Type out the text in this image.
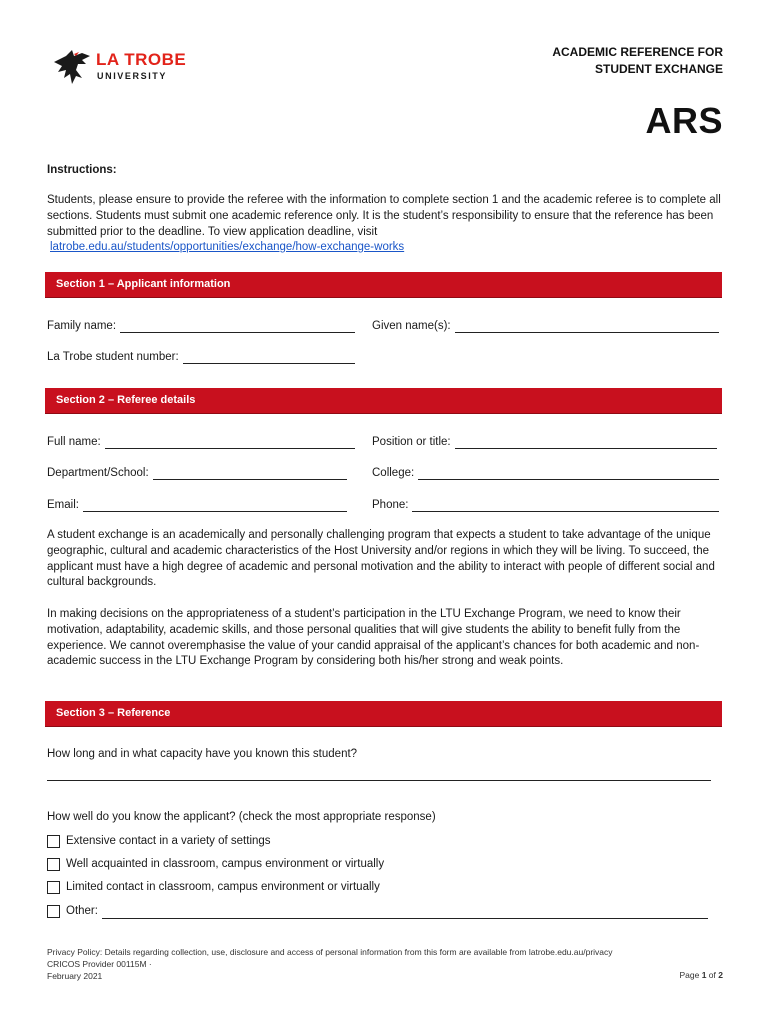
LA TROBE
UNIVERSITY
ACADEMIC REFERENCE FOR
STUDENT EXCHANGE
ARS
Instructions:
Students, please ensure to provide the referee with the information to complete section 1 and the academic referee is to complete all sections. Students must submit one academic reference only. It is the student’s responsibility to ensure that the reference has been submitted prior to the deadline. To view application deadline, visit
latrobe.edu.au/students/opportunities/exchange/how-exchange-works
Section 1 – Applicant information
Family name:	Given name(s):
La Trobe student number:
Section 2 – Referee details
Full name:	Position or title:
Department/School:	College:
Email:	Phone:
A student exchange is an academically and personally challenging program that expects a student to take advantage of the unique geographic, cultural and academic characteristics of the Host University and/or regions in which they will be living. To succeed, the applicant must have a high degree of academic and personal motivation and the ability to interact with people of different social and cultural backgrounds.
In making decisions on the appropriateness of a student’s participation in the LTU Exchange Program, we need to know their motivation, adaptability, academic skills, and those personal qualities that will give students the ability to benefit fully from the experience. We cannot overemphasise the value of your candid appraisal of the applicant’s chances for both academic and non-academic success in the LTU Exchange Program by considering both his/her strong and weak points.
Section 3 – Reference
How long and in what capacity have you known this student?
How well do you know the applicant? (check the most appropriate response)
Extensive contact in a variety of settings
Well acquainted in classroom, campus environment or virtually
Limited contact in classroom, campus environment or virtually
Other:
Privacy Policy: Details regarding collection, use, disclosure and access of personal information from this form are available from latrobe.edu.au/privacy
CRICOS Provider 00115M ·
February 2021	Page 1 of 2
